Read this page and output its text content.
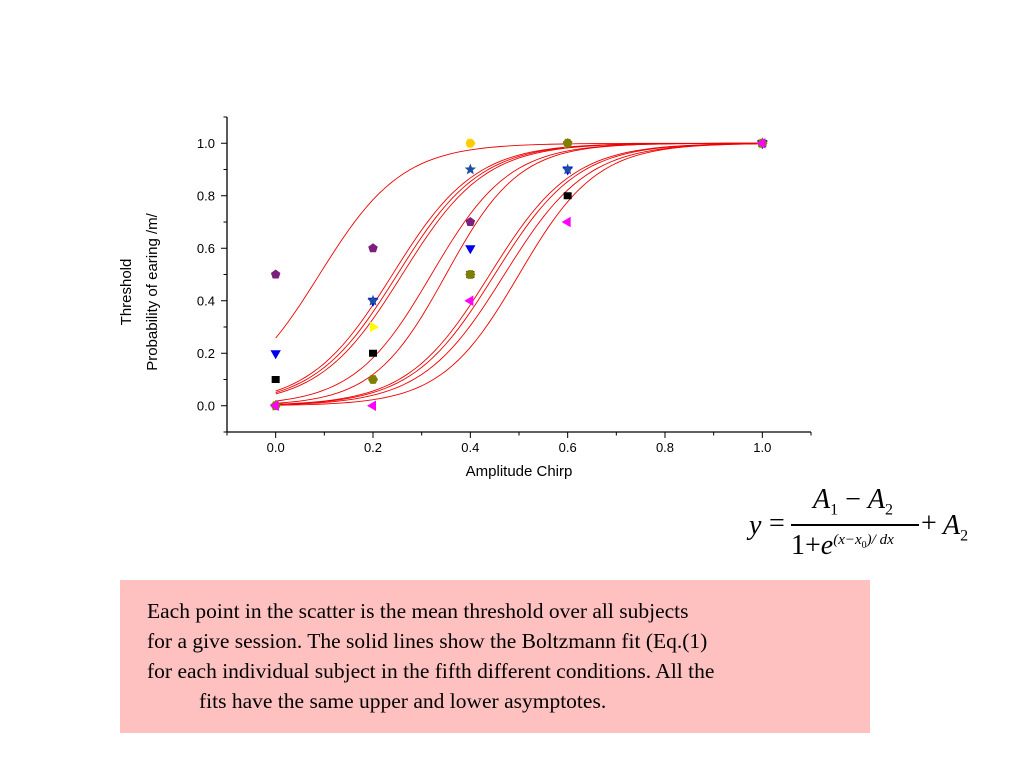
0.0	0.2	0.4	0.6	0.8	1.0
0.0
0.2
0.4
0.6
0.8
1.0
Amplitude Chirp
Threshold Probability of earing /m/
y =
$A_1 - A_2$
$1+e^{(x-x_0)/ dx}$
+ $A_2$
Each point in the scatter is the mean threshold over all subjects
for a give session. The solid lines show the Boltzmann fit (Eq.(1)
for each individual subject in the fifth different conditions. All the
fits have the same upper and lower asymptotes.
